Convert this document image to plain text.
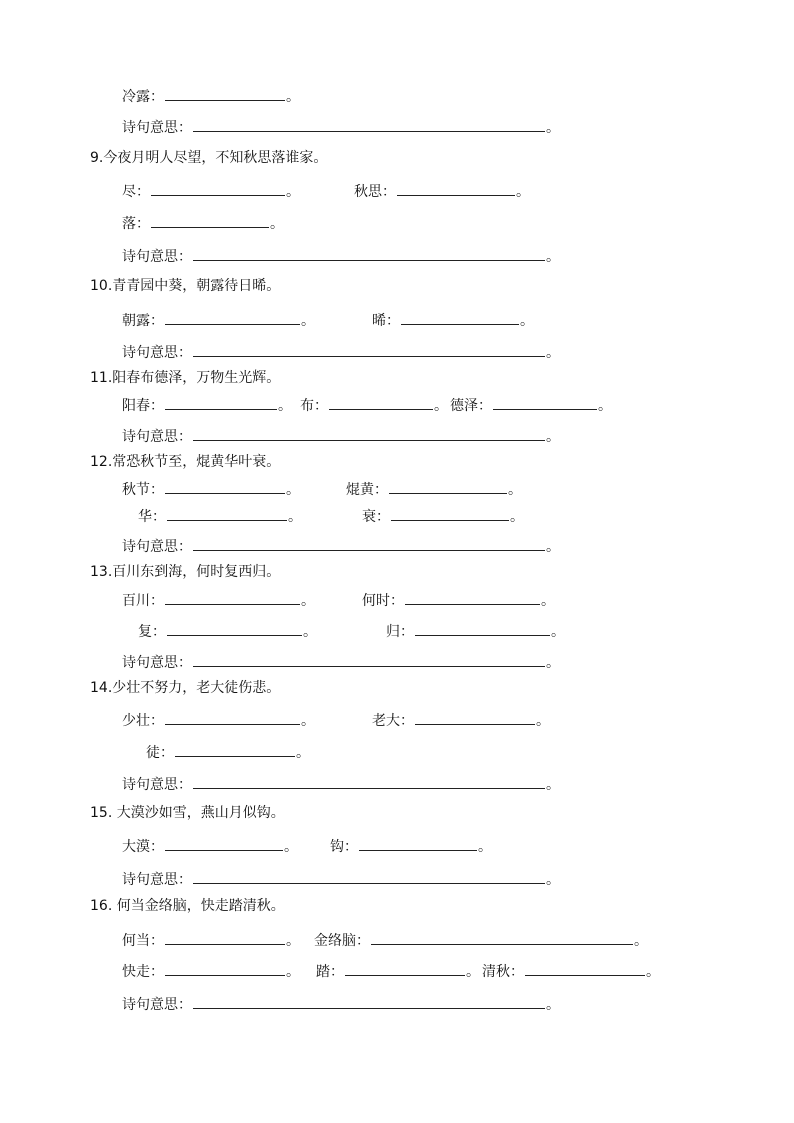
冷露：	。
诗句意思：	。
9.今夜月明人尽望，不知秋思落谁家。
尽：	。	秋思：	。
落：	。
诗句意思：	。
10.青青园中葵，朝露待日晞。
朝露：	。	晞：	。
诗句意思：	。
11.阳春布德泽，万物生光辉。
阳春：	。 布：	。 德泽：	。
诗句意思：	。
12.常恐秋节至，焜黄华叶衰。
秋节：	。	焜黄：	。
华：	。	衰：	。
诗句意思：	。
13.百川东到海，何时复西归。
百川：	。	何时：	。
复：	。	归：	。
诗句意思：	。
14.少壮不努力，老大徒伤悲。
少壮：	。	老大：	。
徒：	。
诗句意思：	。
15. 大漠沙如雪，燕山月似钩。
大漠：	。 钩：	。
诗句意思：	。
16. 何当金络脑，快走踏清秋。
何当：	。 金络脑：	。
快走：	。 踏：	。 清秋：	。
诗句意思：	。
